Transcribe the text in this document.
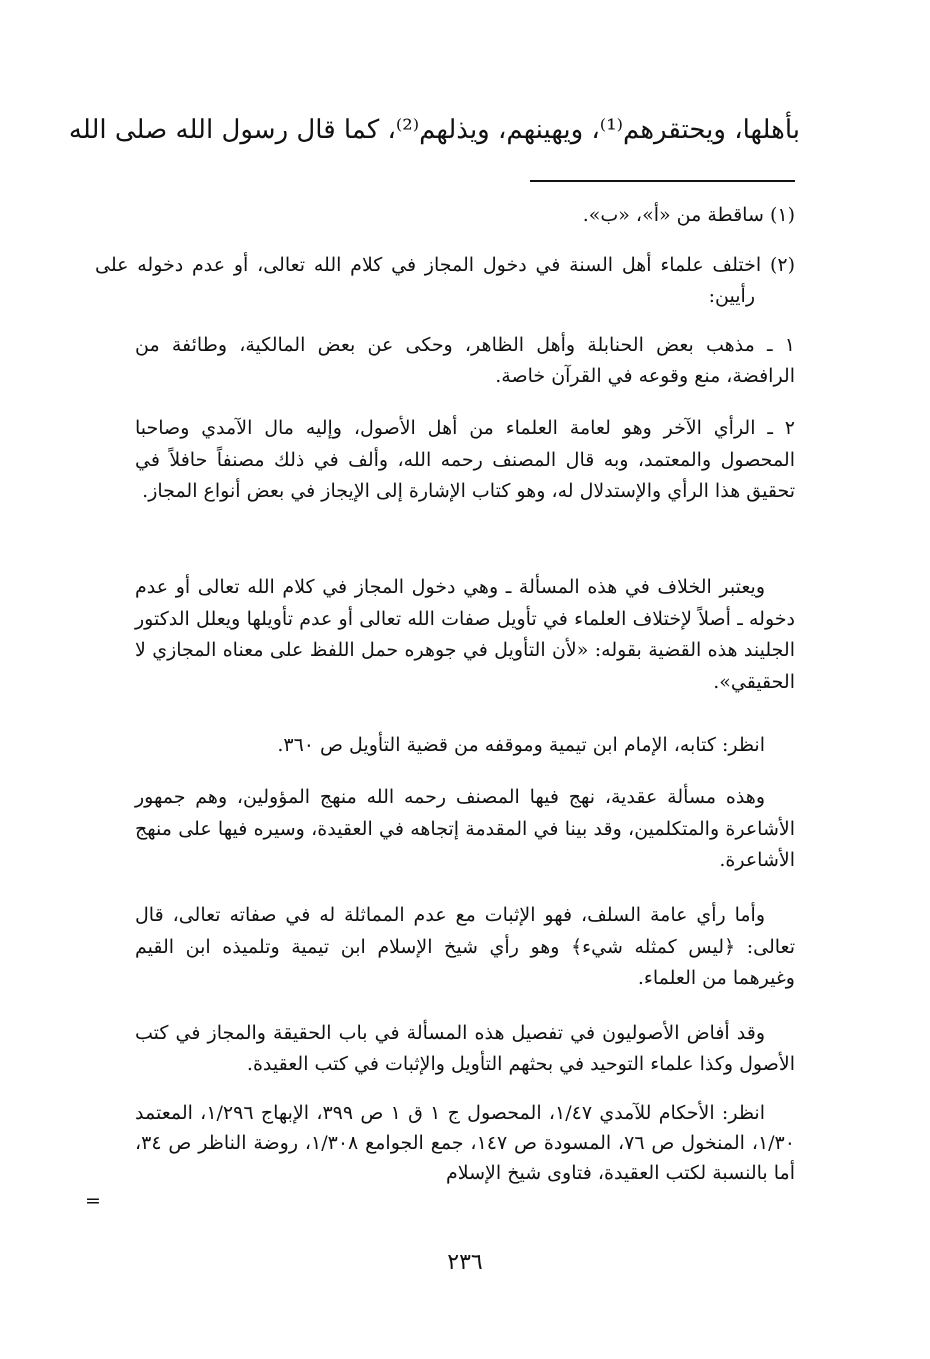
بأهلها، ويحتقرهم⁽¹⁾، ويهينهم، ويذلهم⁽²⁾، كما قال رسول الله صلى الله
(١) ساقطة من «أ»، «ب».
(٢) اختلف علماء أهل السنة في دخول المجاز في كلام الله تعالى، أو عدم دخوله على رأيين:
١ ـ مذهب بعض الحنابلة وأهل الظاهر، وحكى عن بعض المالكية، وطائفة من الرافضة، منع وقوعه في القرآن خاصة.
٢ ـ الرأي الآخر وهو لعامة العلماء من أهل الأصول، وإليه مال الآمدي وصاحبا المحصول والمعتمد، وبه قال المصنف رحمه الله، وألف في ذلك مصنفاً حافلاً في تحقيق هذا الرأي والإستدلال له، وهو كتاب الإشارة إلى الإيجاز في بعض أنواع المجاز.
ويعتبر الخلاف في هذه المسألة ـ وهي دخول المجاز في كلام الله تعالى أو عدم دخوله ـ أصلاً لإختلاف العلماء في تأويل صفات الله تعالى أو عدم تأويلها ويعلل الدكتور الجليند هذه القضية بقوله: «لأن التأويل في جوهره حمل اللفظ على معناه المجازي لا الحقيقي».
انظر: كتابه، الإمام ابن تيمية وموقفه من قضية التأويل ص ٣٦٠.
وهذه مسألة عقدية، نهج فيها المصنف رحمه الله منهج المؤولين، وهم جمهور الأشاعرة والمتكلمين، وقد بينا في المقدمة إتجاهه في العقيدة، وسيره فيها على منهج الأشاعرة.
وأما رأي عامة السلف، فهو الإثبات مع عدم المماثلة له في صفاته تعالى، قال تعالى: ﴿ليس كمثله شيء﴾ وهو رأي شيخ الإسلام ابن تيمية وتلميذه ابن القيم وغيرهما من العلماء.
وقد أفاض الأصوليون في تفصيل هذه المسألة في باب الحقيقة والمجاز في كتب الأصول وكذا علماء التوحيد في بحثهم التأويل والإثبات في كتب العقيدة.
انظر: الأحكام للآمدي ١/٤٧، المحصول ج ١ ق ١ ص ٣٩٩، الإبهاج ١/٢٩٦، المعتمد ١/٣٠، المنخول ص ٧٦، المسودة ص ١٤٧، جمع الجوامع ١/٣٠٨، روضة الناظر ص ٣٤، أما بالنسبة لكتب العقيدة، فتاوى شيخ الإسلام
=
٢٣٦
